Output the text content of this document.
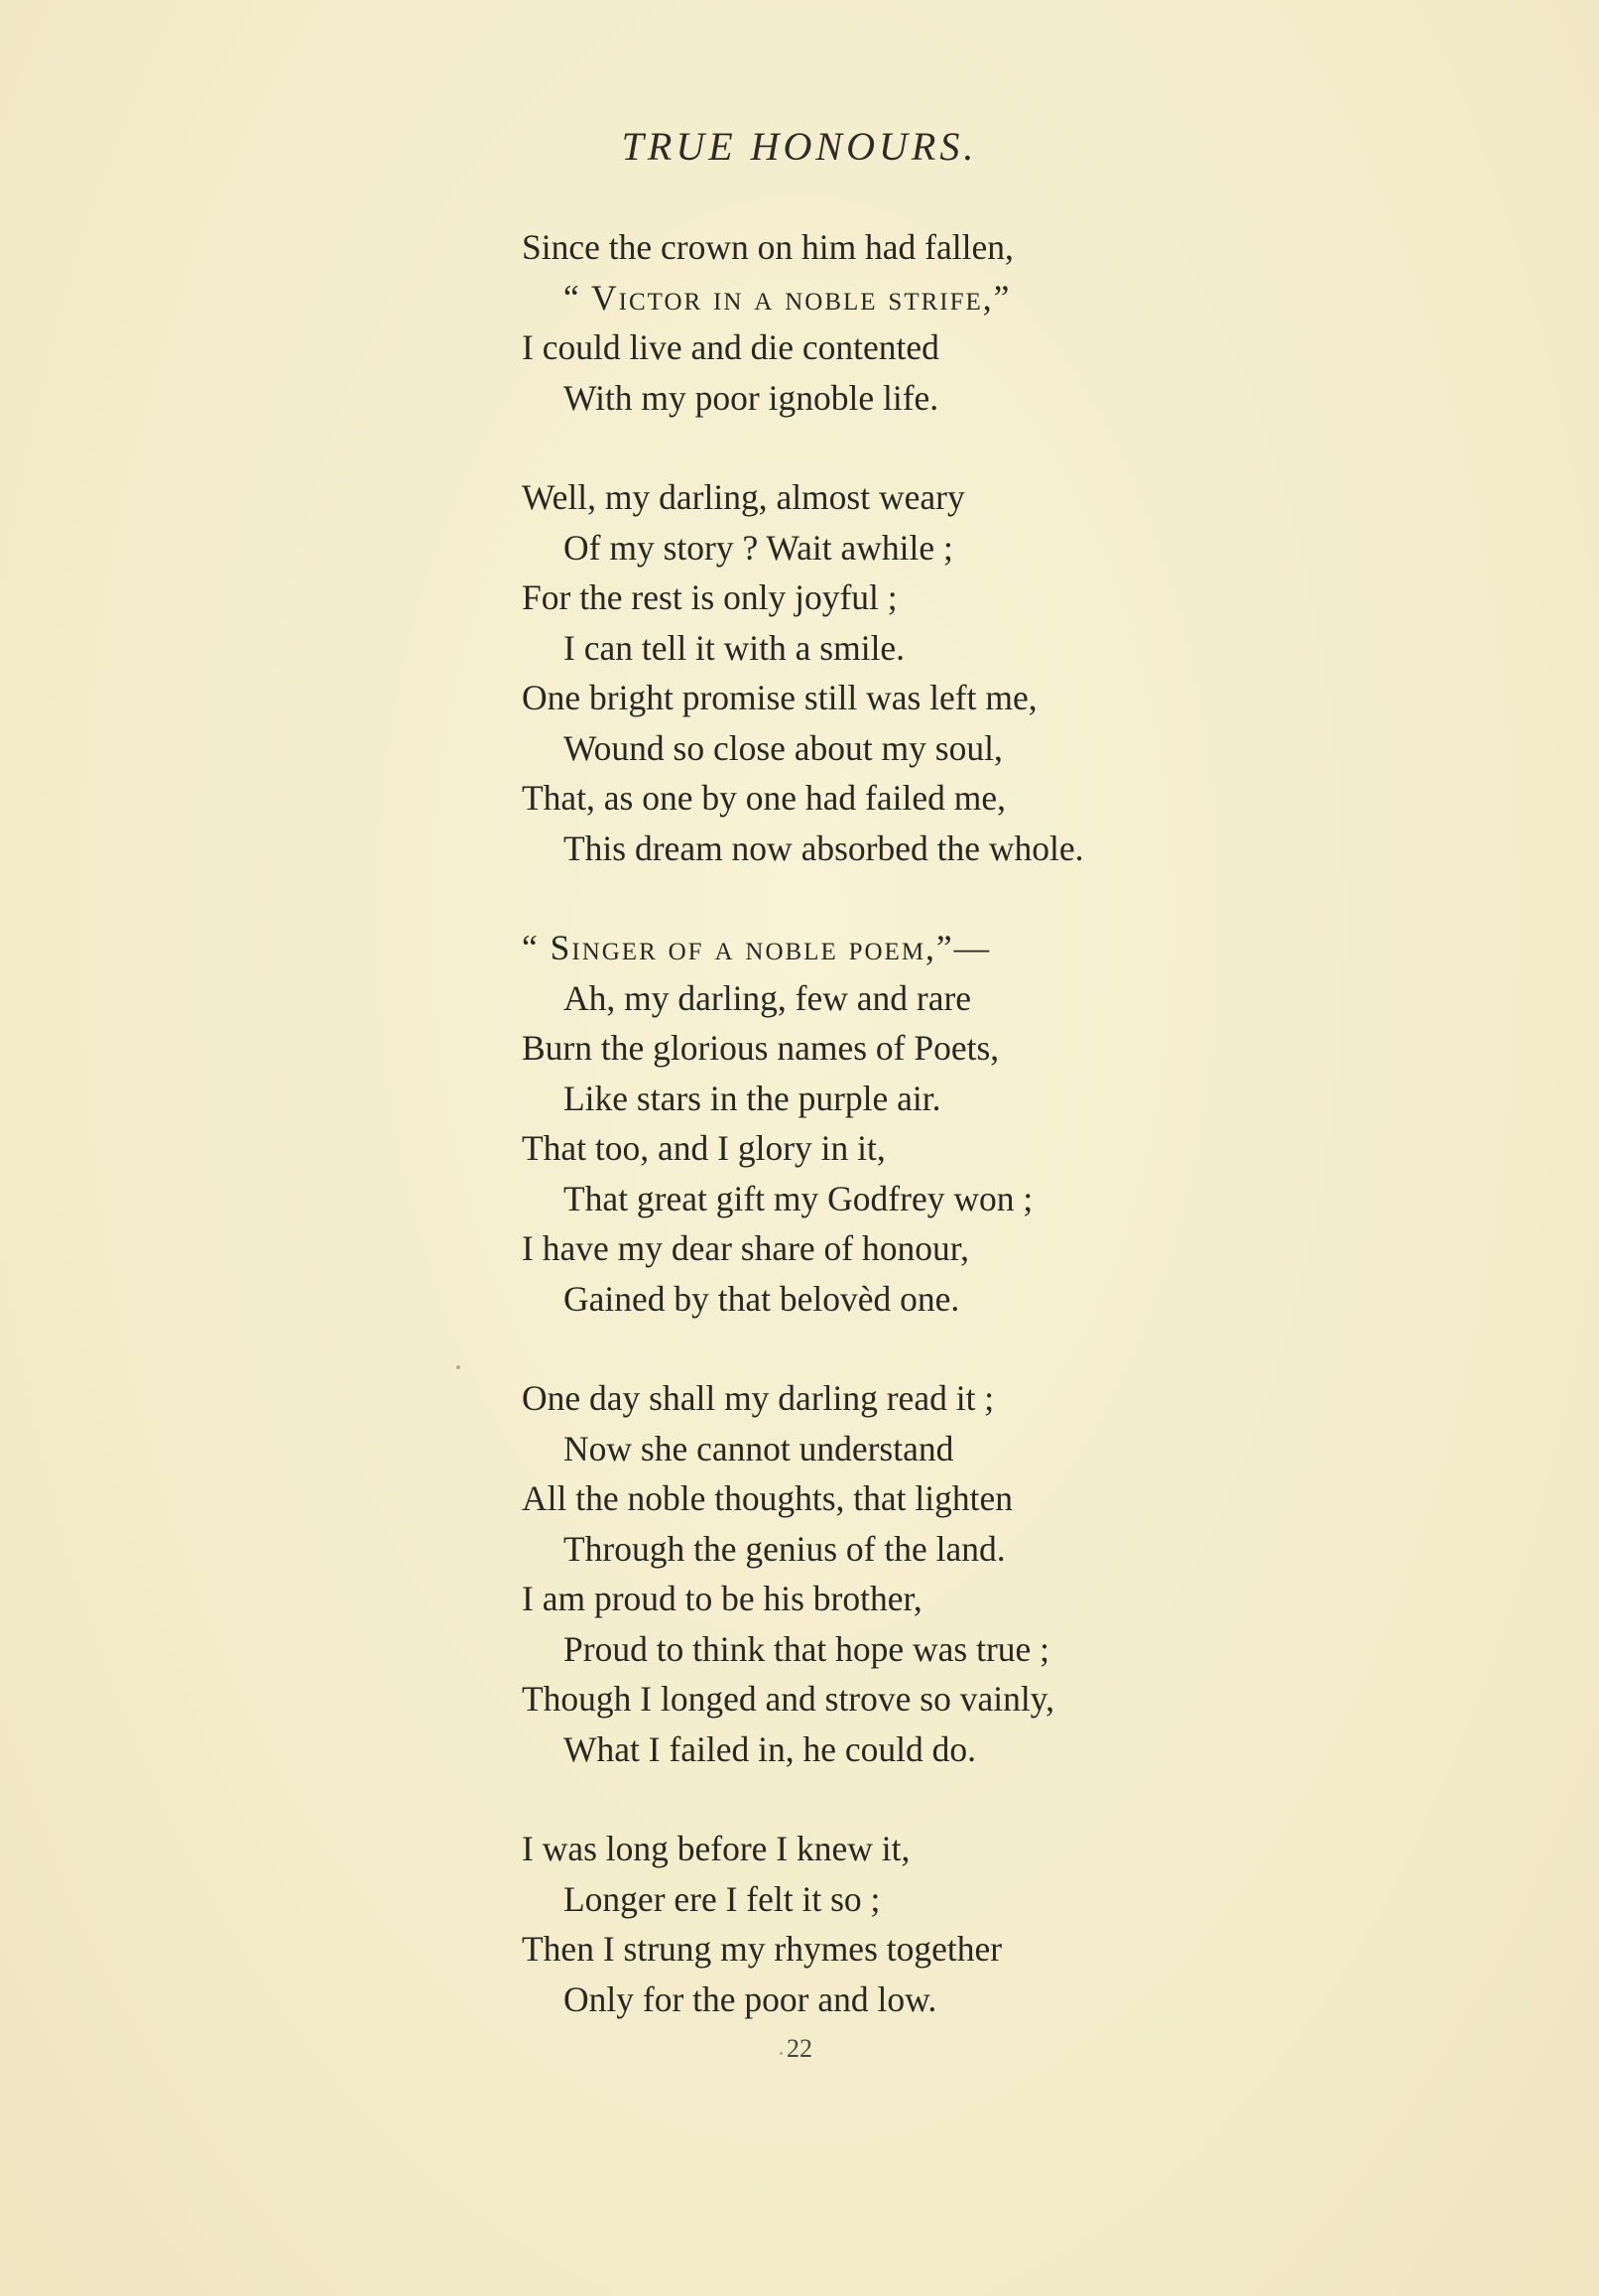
TRUE HONOURS.
Since the crown on him had fallen,
“ Victor in a noble strife,”
I could live and die contented
With my poor ignoble life.
Well, my darling, almost weary
Of my story ? Wait awhile ;
For the rest is only joyful ;
I can tell it with a smile.
One bright promise still was left me,
Wound so close about my soul,
That, as one by one had failed me,
This dream now absorbed the whole.
“ Singer of a noble poem,”—
Ah, my darling, few and rare
Burn the glorious names of Poets,
Like stars in the purple air.
That too, and I glory in it,
That great gift my Godfrey won ;
I have my dear share of honour,
Gained by that belovèd one.
One day shall my darling read it ;
Now she cannot understand
All the noble thoughts, that lighten
Through the genius of the land.
I am proud to be his brother,
Proud to think that hope was true ;
Though I longed and strove so vainly,
What I failed in, he could do.
I was long before I knew it,
Longer ere I felt it so ;
Then I strung my rhymes together
Only for the poor and low.
22
